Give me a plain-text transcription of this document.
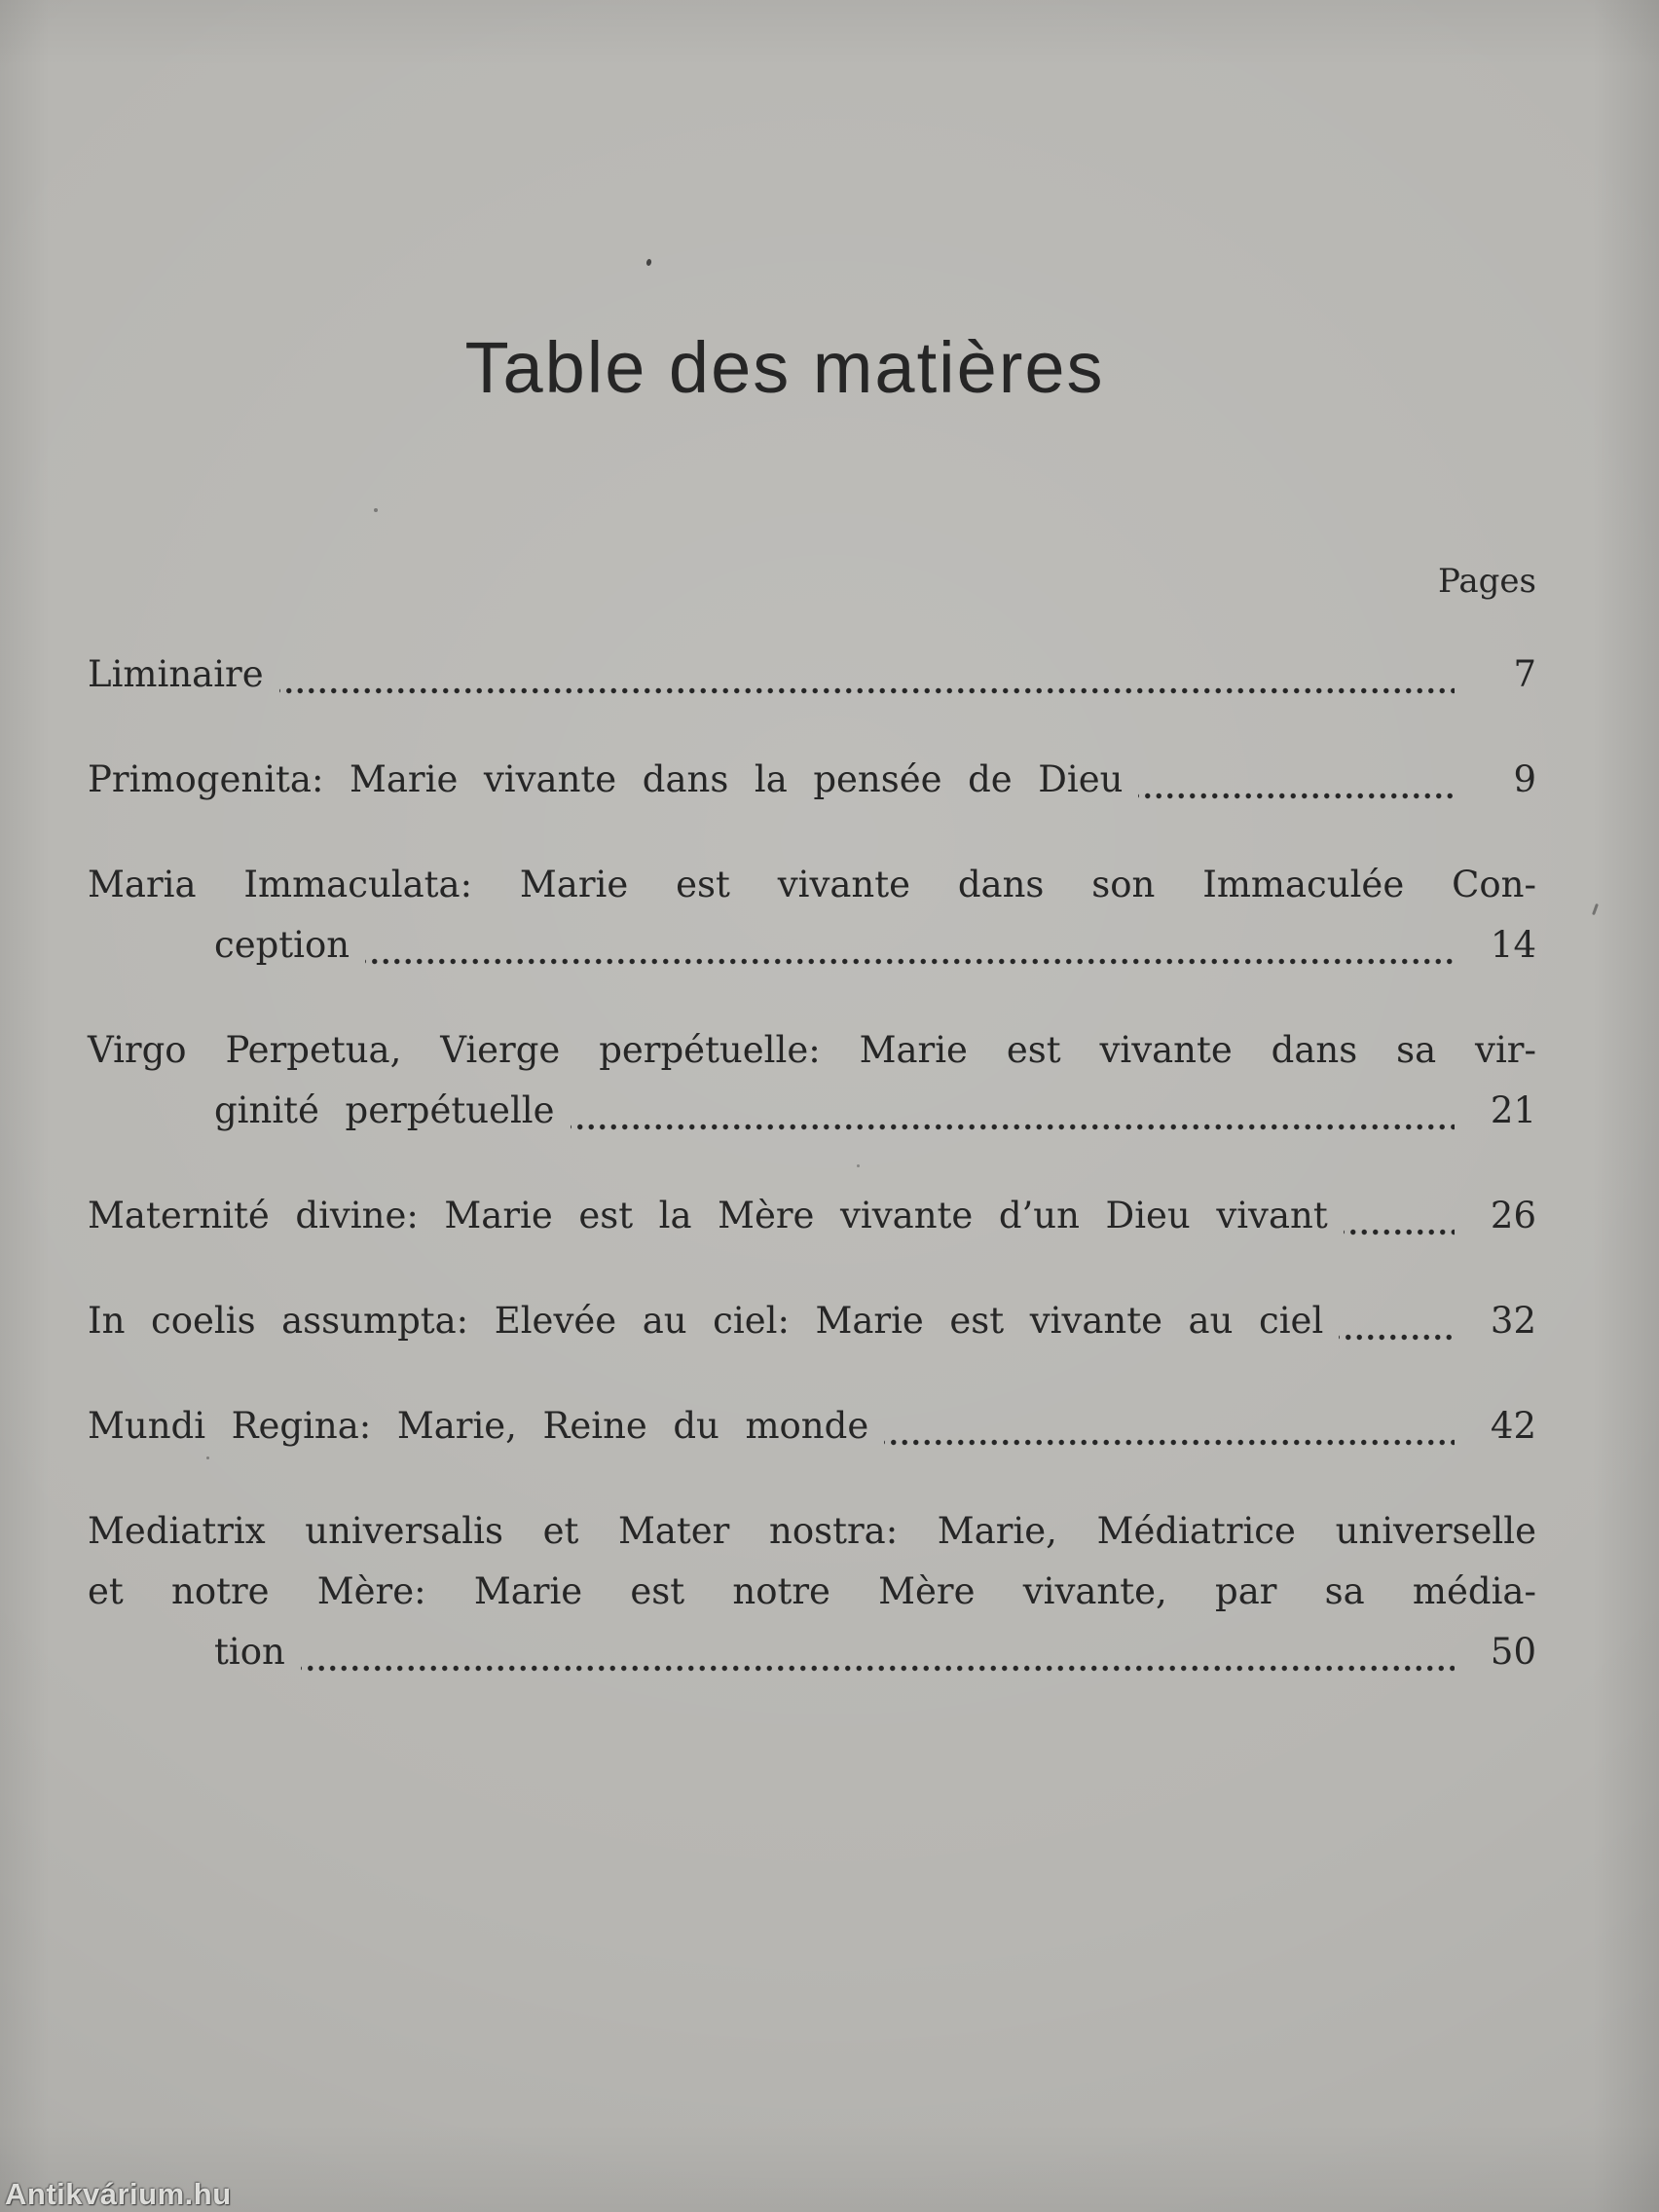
Table des matières
Pages
Liminaire	7
Primogenita: Marie vivante dans la pensée de Dieu	9
Maria Immaculata: Marie est vivante dans son Immaculée Con-
ception	14
Virgo Perpetua, Vierge perpétuelle: Marie est vivante dans sa vir-
ginité perpétuelle	21
Maternité divine: Marie est la Mère vivante d’un Dieu vivant	26
In coelis assumpta: Elevée au ciel: Marie est vivante au ciel	32
Mundi Regina: Marie, Reine du monde	42
Mediatrix universalis et Mater nostra: Marie, Médiatrice universelle
et notre Mère: Marie est notre Mère vivante, par sa média-
tion	50
Antikvárium.hu
